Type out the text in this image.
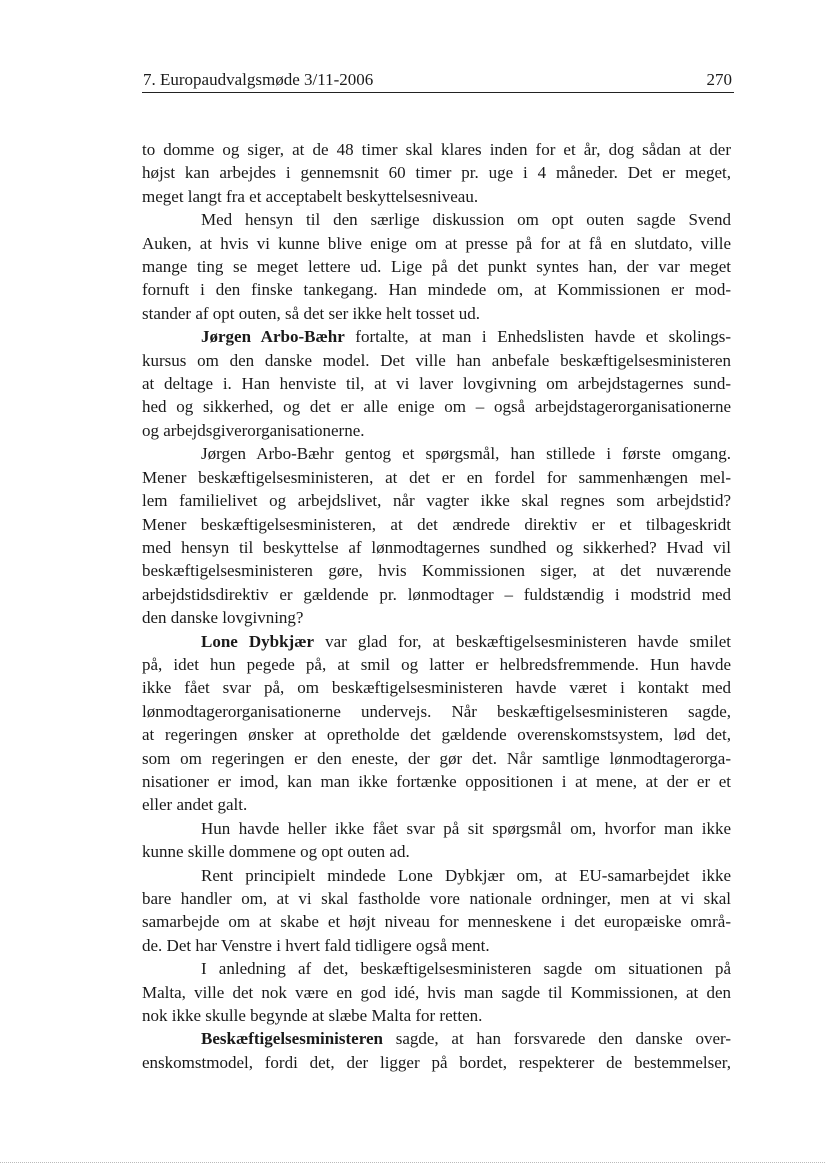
7. Europaudvalgsmøde 3/11-2006	270
to domme og siger, at de 48 timer skal klares inden for et år, dog sådan at der
højst kan arbejdes i gennemsnit 60 timer pr. uge i 4 måneder. Det er meget,
meget langt fra et acceptabelt beskyttelsesniveau.
Med hensyn til den særlige diskussion om opt outen sagde Svend
Auken, at hvis vi kunne blive enige om at presse på for at få en slutdato, ville
mange ting se meget lettere ud. Lige på det punkt syntes han, der var meget
fornuft i den finske tankegang. Han mindede om, at Kommissionen er mod-
stander af opt outen, så det ser ikke helt tosset ud.
Jørgen Arbo-Bæhr fortalte, at man i Enhedslisten havde et skolings-
kursus om den danske model. Det ville han anbefale beskæftigelsesministeren
at deltage i. Han henviste til, at vi laver lovgivning om arbejdstagernes sund-
hed og sikkerhed, og det er alle enige om – også arbejdstagerorganisationerne
og arbejdsgiverorganisationerne.
Jørgen Arbo-Bæhr gentog et spørgsmål, han stillede i første omgang.
Mener beskæftigelsesministeren, at det er en fordel for sammenhængen mel-
lem familielivet og arbejdslivet, når vagter ikke skal regnes som arbejdstid?
Mener beskæftigelsesministeren, at det ændrede direktiv er et tilbageskridt
med hensyn til beskyttelse af lønmodtagernes sundhed og sikkerhed? Hvad vil
beskæftigelsesministeren gøre, hvis Kommissionen siger, at det nuværende
arbejdstidsdirektiv er gældende pr. lønmodtager – fuldstændig i modstrid med
den danske lovgivning?
Lone Dybkjær var glad for, at beskæftigelsesministeren havde smilet
på, idet hun pegede på, at smil og latter er helbredsfremmende. Hun havde
ikke fået svar på, om beskæftigelsesministeren havde været i kontakt med
lønmodtagerorganisationerne undervejs. Når beskæftigelsesministeren sagde,
at regeringen ønsker at opretholde det gældende overenskomstsystem, lød det,
som om regeringen er den eneste, der gør det. Når samtlige lønmodtagerorga-
nisationer er imod, kan man ikke fortænke oppositionen i at mene, at der er et
eller andet galt.
Hun havde heller ikke fået svar på sit spørgsmål om, hvorfor man ikke
kunne skille dommene og opt outen ad.
Rent principielt mindede Lone Dybkjær om, at EU-samarbejdet ikke
bare handler om, at vi skal fastholde vore nationale ordninger, men at vi skal
samarbejde om at skabe et højt niveau for menneskene i det europæiske områ-
de. Det har Venstre i hvert fald tidligere også ment.
I anledning af det, beskæftigelsesministeren sagde om situationen på
Malta, ville det nok være en god idé, hvis man sagde til Kommissionen, at den
nok ikke skulle begynde at slæbe Malta for retten.
Beskæftigelsesministeren sagde, at han forsvarede den danske over-
enskomstmodel, fordi det, der ligger på bordet, respekterer de bestemmelser,
